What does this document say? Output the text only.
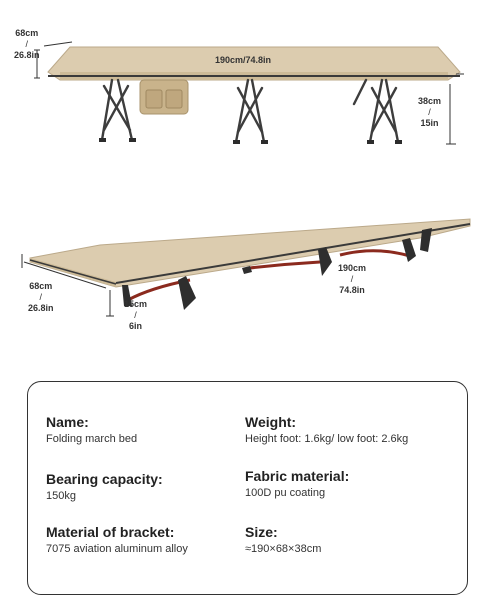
68cm
/
26.8in	190cm/74.8in
38cm
/
15in
68cm
/
26.8in
190cm
/
74.8in
15cm
/
6in
Name:
Folding march bed
Weight:
Height foot: 1.6kg/ low foot: 2.6kg
Bearing capacity:
150kg
Fabric material:
100D pu coating
Material of bracket:
7075 aviation aluminum alloy
Size:
≈190×68×38cm
